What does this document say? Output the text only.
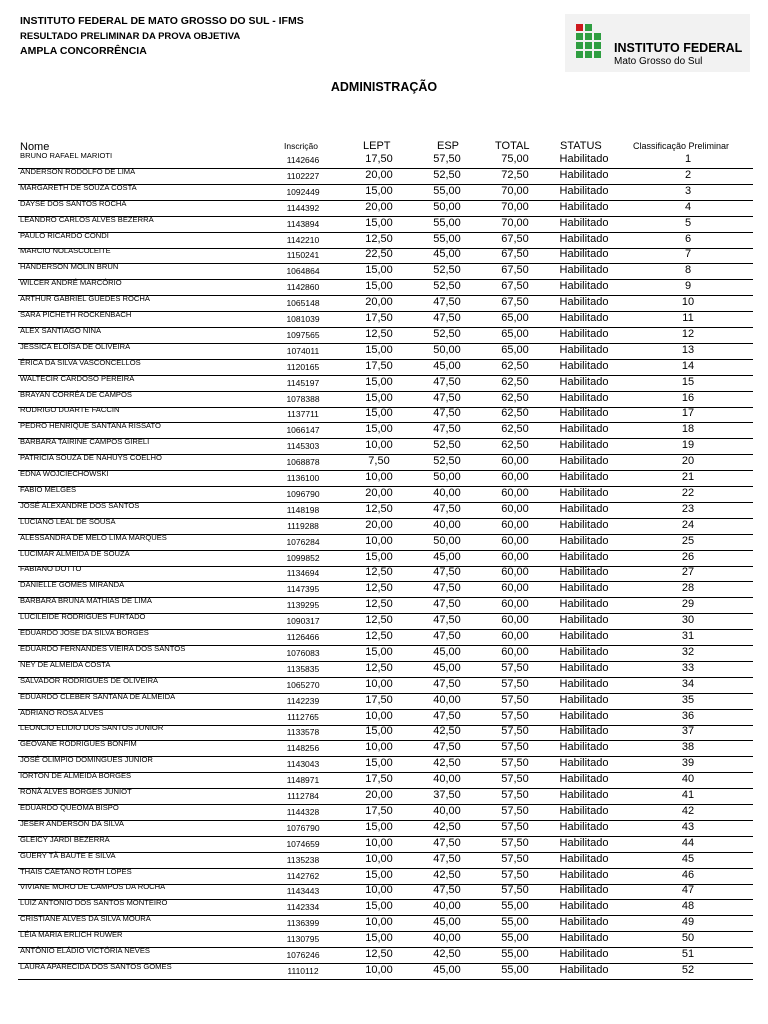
INSTITUTO FEDERAL DE MATO GROSSO DO SUL - IFMS
RESULTADO PRELIMINAR DA PROVA OBJETIVA
AMPLA CONCORRÊNCIA	INSTITUTO FEDERAL
Mato Grosso do Sul
ADMINISTRAÇÃO
Nome	Inscrição	LEPT	ESP	TOTAL	STATUS	Classificação Preliminar
BRUNO RAFAEL MARIOTI	1142646	17,50	57,50	75,00	Habilitado	1
ANDERSON RODOLFO DE LIMA	1102227	20,00	52,50	72,50	Habilitado	2
MARGARETH DE SOUZA COSTA	1092449	15,00	55,00	70,00	Habilitado	3
DAYSE DOS SANTOS ROCHA	1144392	20,00	50,00	70,00	Habilitado	4
LEANDRO CARLOS ALVES BEZERRA	1143894	15,00	55,00	70,00	Habilitado	5
PAULO RICARDO CONDI	1142210	12,50	55,00	67,50	Habilitado	6
MARCIO NOLASCOLEITE	1150241	22,50	45,00	67,50	Habilitado	7
HANDERSON MOLIN BRUN	1064864	15,00	52,50	67,50	Habilitado	8
WILCER ANDRÉ MARCÓRIO	1142860	15,00	52,50	67,50	Habilitado	9
ARTHUR GABRIEL GUEDES ROCHA	1065148	20,00	47,50	67,50	Habilitado	10
SARA PICHETH ROCKENBACH	1081039	17,50	47,50	65,00	Habilitado	11
ALEX SANTIAGO NINA	1097565	12,50	52,50	65,00	Habilitado	12
JESSICA ELOÍSA DE OLIVEIRA	1074011	15,00	50,00	65,00	Habilitado	13
ÉRICA DA SILVA VASCONCELLOS	1120165	17,50	45,00	62,50	Habilitado	14
WALTECIR CARDOSO PEREIRA	1145197	15,00	47,50	62,50	Habilitado	15
BRAYAN CORRÊA DE CAMPOS	1078388	15,00	47,50	62,50	Habilitado	16
RODRIGO DUARTE FACCIN	1137711	15,00	47,50	62,50	Habilitado	17
PEDRO HENRIQUE SANTANA RISSATO	1066147	15,00	47,50	62,50	Habilitado	18
BARBARA TAIRINE CAMPOS GIRELI	1145303	10,00	52,50	62,50	Habilitado	19
PATRICIA SOUZA DE NAHUYS COELHO	1068878	7,50	52,50	60,00	Habilitado	20
EDNA WOJCIECHOWSKI	1136100	10,00	50,00	60,00	Habilitado	21
FABIO MELGES	1096790	20,00	40,00	60,00	Habilitado	22
JOSÉ ALEXANDRE DOS SANTOS	1148198	12,50	47,50	60,00	Habilitado	23
LUCIANO LEAL DE SOUSA	1119288	20,00	40,00	60,00	Habilitado	24
ALESSANDRA DE MELO LIMA MARQUES	1076284	10,00	50,00	60,00	Habilitado	25
LUCIMAR ALMEIDA DE SOUZA	1099852	15,00	45,00	60,00	Habilitado	26
FABIANO DOTTO	1134694	12,50	47,50	60,00	Habilitado	27
DANIELLE GOMES MIRANDA	1147395	12,50	47,50	60,00	Habilitado	28
BARBARA BRUNA MATHIAS DE LIMA	1139295	12,50	47,50	60,00	Habilitado	29
LUCILEIDE RODRIGUES FURTADO	1090317	12,50	47,50	60,00	Habilitado	30
EDUARDO JOSE DA SILVA BORGES	1126466	12,50	47,50	60,00	Habilitado	31
EDUARDO FERNANDES VIEIRA DOS SANTOS	1076083	15,00	45,00	60,00	Habilitado	32
NEY DE ALMEIDA COSTA	1135835	12,50	45,00	57,50	Habilitado	33
SALVADOR RODRIGUES DE OLIVEIRA	1065270	10,00	47,50	57,50	Habilitado	34
EDUARDO CLEBER SANTANA DE ALMEIDA	1142239	17,50	40,00	57,50	Habilitado	35
ADRIANO ROSA ALVES	1112765	10,00	47,50	57,50	Habilitado	36
LEONCIO ELIDIO DOS SANTOS JUNIOR	1133578	15,00	42,50	57,50	Habilitado	37
GEOVANE RODRIGUES BONFIM	1148256	10,00	47,50	57,50	Habilitado	38
JOSÉ OLIMPIO DOMINGUES JUNIOR	1143043	15,00	42,50	57,50	Habilitado	39
IORTON DE ALMEIDA BORGES	1148971	17,50	40,00	57,50	Habilitado	40
RONÃ ALVES BORGES JUNIOT	1112784	20,00	37,50	57,50	Habilitado	41
EDUARDO QUEOMA BISPO	1144328	17,50	40,00	57,50	Habilitado	42
JESER ANDERSON DA SILVA	1076790	15,00	42,50	57,50	Habilitado	43
GLEICY JARDI BEZERRA	1074659	10,00	47,50	57,50	Habilitado	44
GUERY TÃ BAUTE E SILVA	1135238	10,00	47,50	57,50	Habilitado	45
THAIS CAETANO ROTH LOPES	1142762	15,00	42,50	57,50	Habilitado	46
VIVIANE MORO DE CAMPOS DA ROCHA	1143443	10,00	47,50	57,50	Habilitado	47
LUIZ ANTONIO DOS SANTOS MONTEIRO	1142334	15,00	40,00	55,00	Habilitado	48
CRISTIANE ALVES DA SILVA MOURA	1136399	10,00	45,00	55,00	Habilitado	49
LÉIA MARIA ERLICH RUWER	1130795	15,00	40,00	55,00	Habilitado	50
ANTÔNIO ELÁDIO VICTÓRIA NEVES	1076246	12,50	42,50	55,00	Habilitado	51
LAURA APARECIDA DOS SANTOS GOMES	1110112	10,00	45,00	55,00	Habilitado	52
